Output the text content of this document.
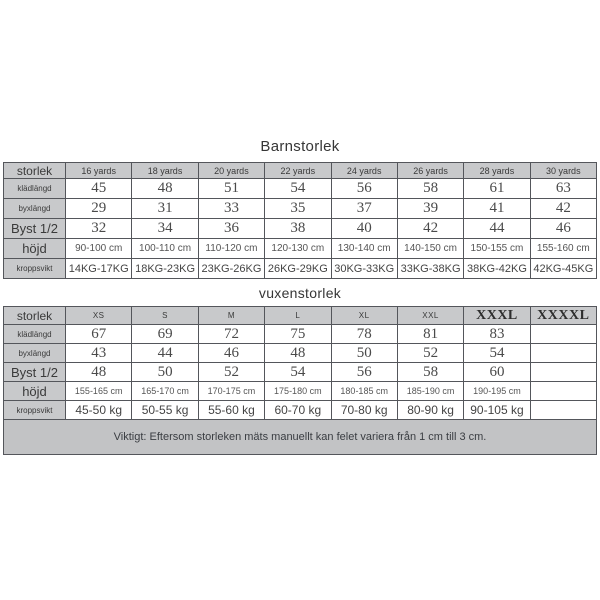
Barnstorlek
storlek	16 yards	18 yards	20 yards	22 yards	24 yards	26 yards	28 yards	30 yards
klädlängd	45	48	51	54	56	58	61	63
byxlängd	29	31	33	35	37	39	41	42
Byst 1/2	32	34	36	38	40	42	44	46
höjd	90-100 cm	100-110 cm	110-120 cm	120-130 cm	130-140 cm	140-150 cm	150-155 cm	155-160 cm
kroppsvikt	14KG-17KG	18KG-23KG	23KG-26KG	26KG-29KG	30KG-33KG	33KG-38KG	38KG-42KG	42KG-45KG
vuxenstorlek
storlek	XS	S	M	L	XL	XXL	XXXL	XXXXL
klädlängd	67	69	72	75	78	81	83	
byxlängd	43	44	46	48	50	52	54	
Byst 1/2	48	50	52	54	56	58	60	
höjd	155-165 cm	165-170 cm	170-175 cm	175-180 cm	180-185 cm	185-190 cm	190-195 cm	
kroppsvikt	45-50 kg	50-55 kg	55-60 kg	60-70 kg	70-80 kg	80-90 kg	90-105 kg	
Viktigt: Eftersom storleken mäts manuellt kan felet variera från 1 cm till 3 cm.								
